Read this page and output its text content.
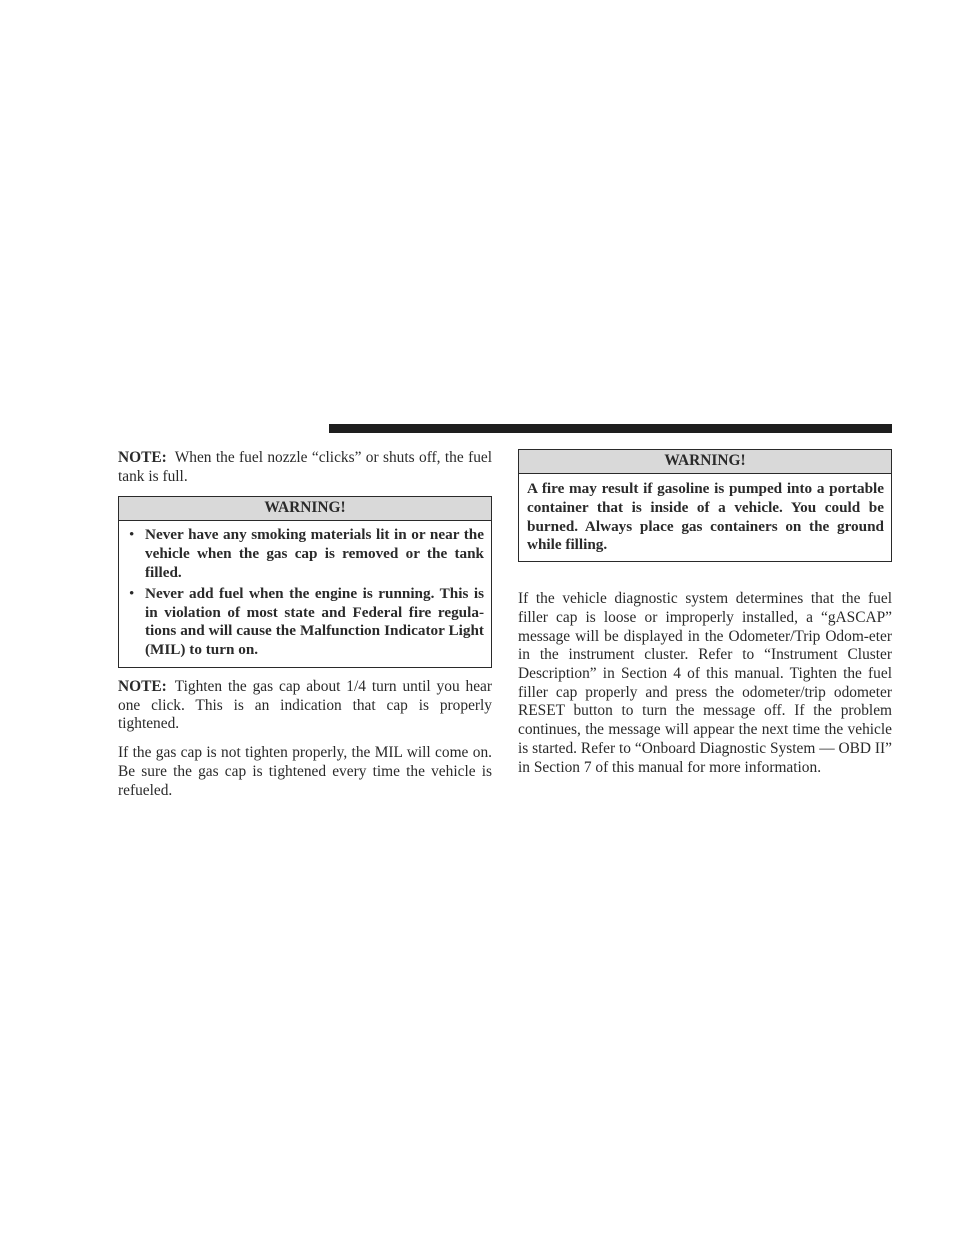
NOTE: When the fuel nozzle “clicks” or shuts off, the fuel tank is full.

WARNING!
• Never have any smoking materials lit in or near the vehicle when the gas cap is removed or the tank filled.
• Never add fuel when the engine is running. This is in violation of most state and Federal fire regula-tions and will cause the Malfunction Indicator Light (MIL) to turn on.

NOTE: Tighten the gas cap about 1/4 turn until you hear one click. This is an indication that cap is properly tightened.

If the gas cap is not tighten properly, the MIL will come on. Be sure the gas cap is tightened every time the vehicle is refueled.

WARNING!
A fire may result if gasoline is pumped into a portable container that is inside of a vehicle. You could be burned. Always place gas containers on the ground while filling.

If the vehicle diagnostic system determines that the fuel filler cap is loose or improperly installed, a “gASCAP” message will be displayed in the Odometer/Trip Odom-eter in the instrument cluster. Refer to “Instrument Cluster Description” in Section 4 of this manual. Tighten the fuel filler cap properly and press the odometer/trip odometer RESET button to turn the message off. If the problem continues, the message will appear the next time the vehicle is started. Refer to “Onboard Diagnostic System — OBD II” in Section 7 of this manual for more information.
